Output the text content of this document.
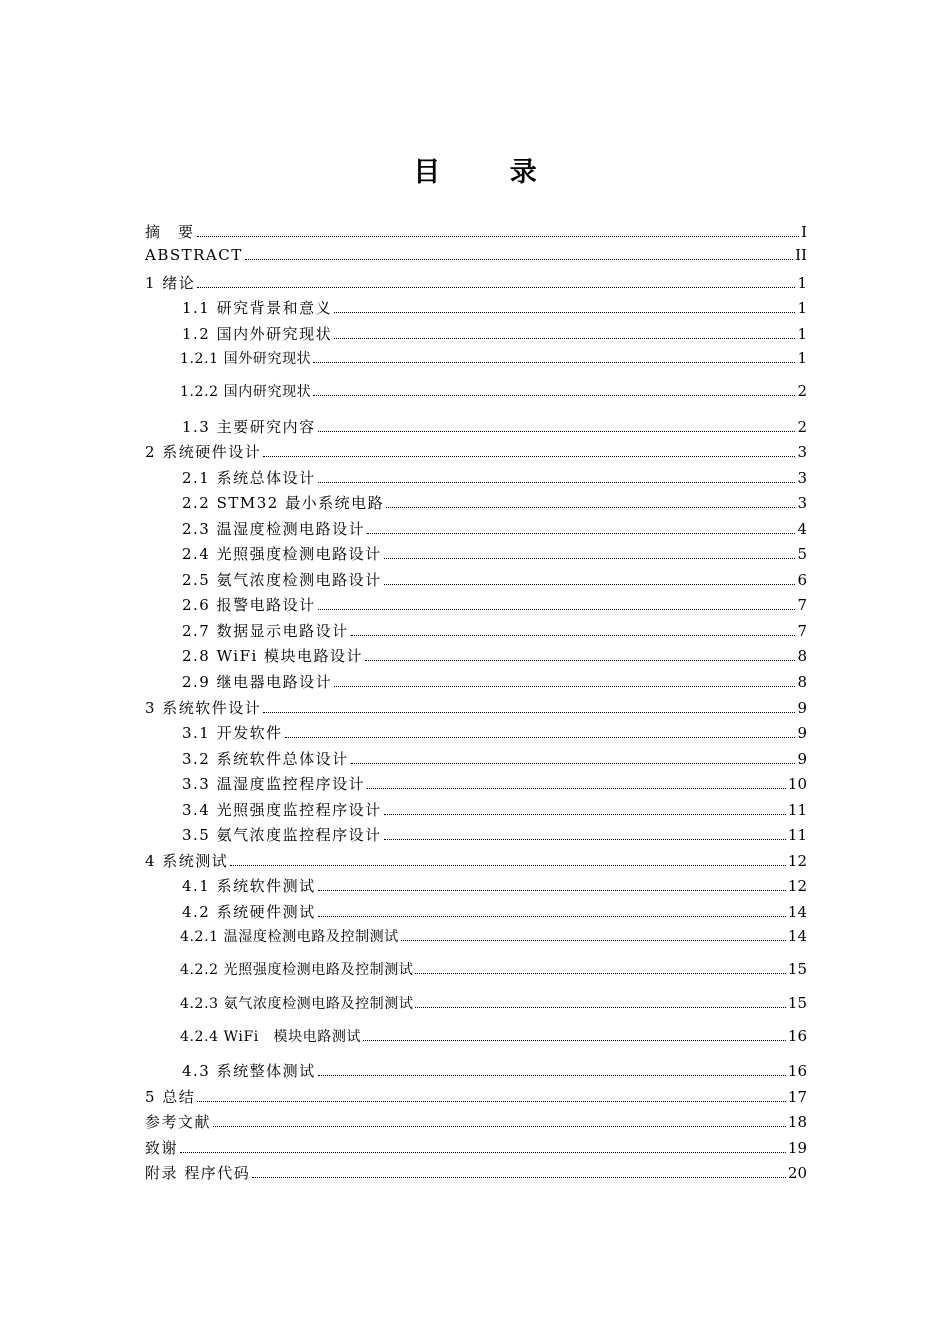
目 录
摘　要	I
ABSTRACT	II
1 绪论	1
1.1 研究背景和意义	1
1.2 国内外研究现状	1
1.2.1 国外研究现状	1
1.2.2 国内研究现状	2
1.3 主要研究内容	2
2 系统硬件设计	3
2.1 系统总体设计	3
2.2 STM32 最小系统电路	3
2.3 温湿度检测电路设计	4
2.4 光照强度检测电路设计	5
2.5 氨气浓度检测电路设计	6
2.6 报警电路设计	7
2.7 数据显示电路设计	7
2.8 WiFi 模块电路设计	8
2.9 继电器电路设计	8
3 系统软件设计	9
3.1 开发软件	9
3.2 系统软件总体设计	9
3.3 温湿度监控程序设计	10
3.4 光照强度监控程序设计	11
3.5 氨气浓度监控程序设计	11
4 系统测试	12
4.1 系统软件测试	12
4.2 系统硬件测试	14
4.2.1 温湿度检测电路及控制测试	14
4.2.2 光照强度检测电路及控制测试	15
4.2.3 氨气浓度检测电路及控制测试	15
4.2.4 WiFi　模块电路测试	16
4.3 系统整体测试	16
5 总结	17
参考文献	18
致谢	19
附录 程序代码	20
